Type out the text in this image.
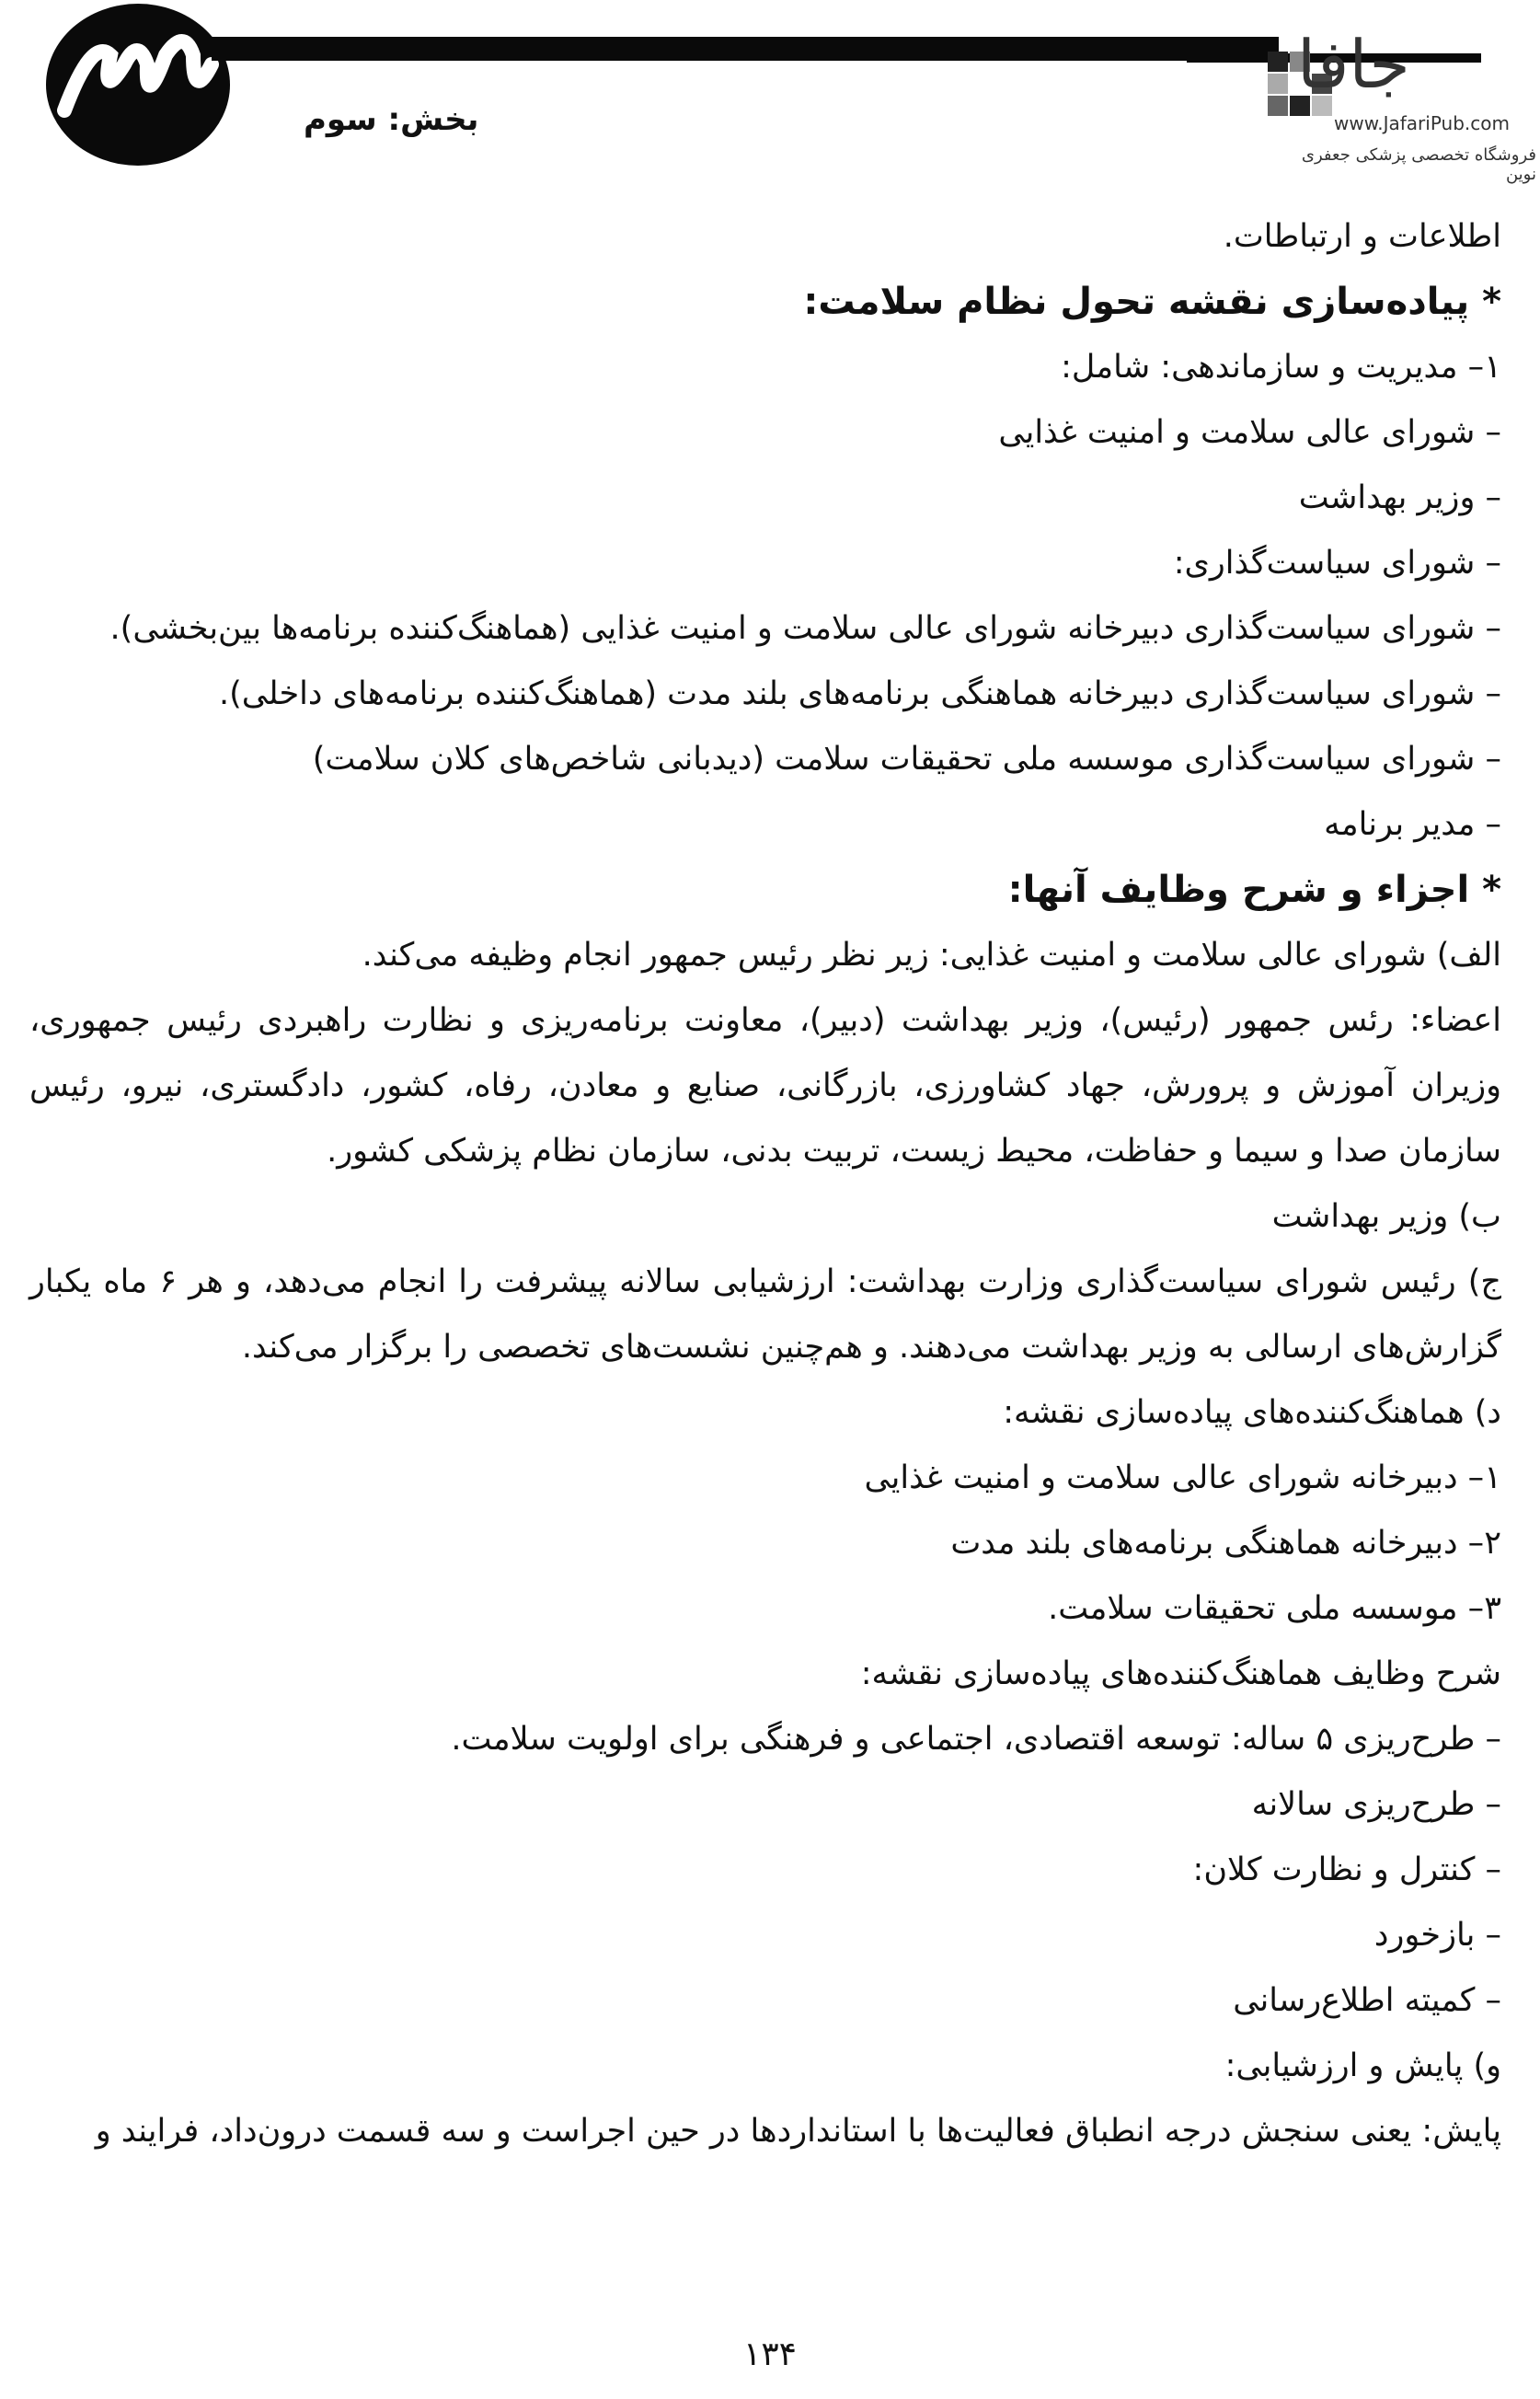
بخش: سوم
جافا
www.JafariPub.com
فروشگاه تخصصی پزشکی جعفری نوین
اطلاعات و ارتباطات.
* پیاده‌سازی نقشه تحول نظام سلامت:
۱– مدیریت و سازماندهی: شامل:
– شورای عالی سلامت و امنیت غذایی
– وزیر بهداشت
– شورای سیاست‌گذاری:
– شورای سیاست‌گذاری دبیرخانه شورای عالی سلامت و امنیت غذایی (هماهنگ‌کننده برنامه‌ها بین‌بخشی).
– شورای سیاست‌گذاری دبیرخانه هماهنگی برنامه‌های بلند مدت (هماهنگ‌کننده برنامه‌های داخلی).
– شورای سیاست‌گذاری موسسه ملی تحقیقات سلامت (دیدبانی شاخص‌های کلان سلامت)
– مدیر برنامه
* اجزاء و شرح وظایف آنها:
الف) شورای عالی سلامت و امنیت غذایی: زیر نظر رئیس جمهور انجام وظیفه می‌کند.
اعضاء: رئس جمهور (رئیس)، وزیر بهداشت (دبیر)، معاونت برنامه‌ریزی و نظارت راهبردی رئیس جمهوری، وزیران آموزش و پرورش، جهاد کشاورزی، بازرگانی، صنایع و معادن، رفاه، کشور، دادگستری، نیرو، رئیس سازمان صدا و سیما و حفاظت، محیط زیست، تربیت بدنی، سازمان نظام پزشکی کشور.
ب) وزیر بهداشت
ج) رئیس شورای سیاست‌گذاری وزارت بهداشت: ارزشیابی سالانه پیشرفت را انجام می‌دهد، و هر ۶ ماه یکبار گزارش‌های ارسالی به وزیر بهداشت می‌دهند. و هم‌چنین نشست‌های تخصصی را برگزار می‌کند.
د) هماهنگ‌کننده‌های پیاده‌سازی نقشه:
۱– دبیرخانه شورای عالی سلامت و امنیت غذایی
۲– دبیرخانه هماهنگی برنامه‌های بلند مدت
۳– موسسه ملی تحقیقات سلامت.
شرح وظایف هماهنگ‌کننده‌های پیاده‌سازی نقشه:
– طرح‌ریزی ۵ ساله: توسعه اقتصادی، اجتماعی و فرهنگی برای اولویت سلامت.
– طرح‌ریزی سالانه
– کنترل و نظارت کلان:
– بازخورد
– کمیته اطلاع‌رسانی
و) پایش و ارزشیابی:
پایش: یعنی سنجش درجه انطباق فعالیت‌ها با استانداردها در حین اجراست و سه قسمت درون‌داد، فرایند و
۱۳۴
